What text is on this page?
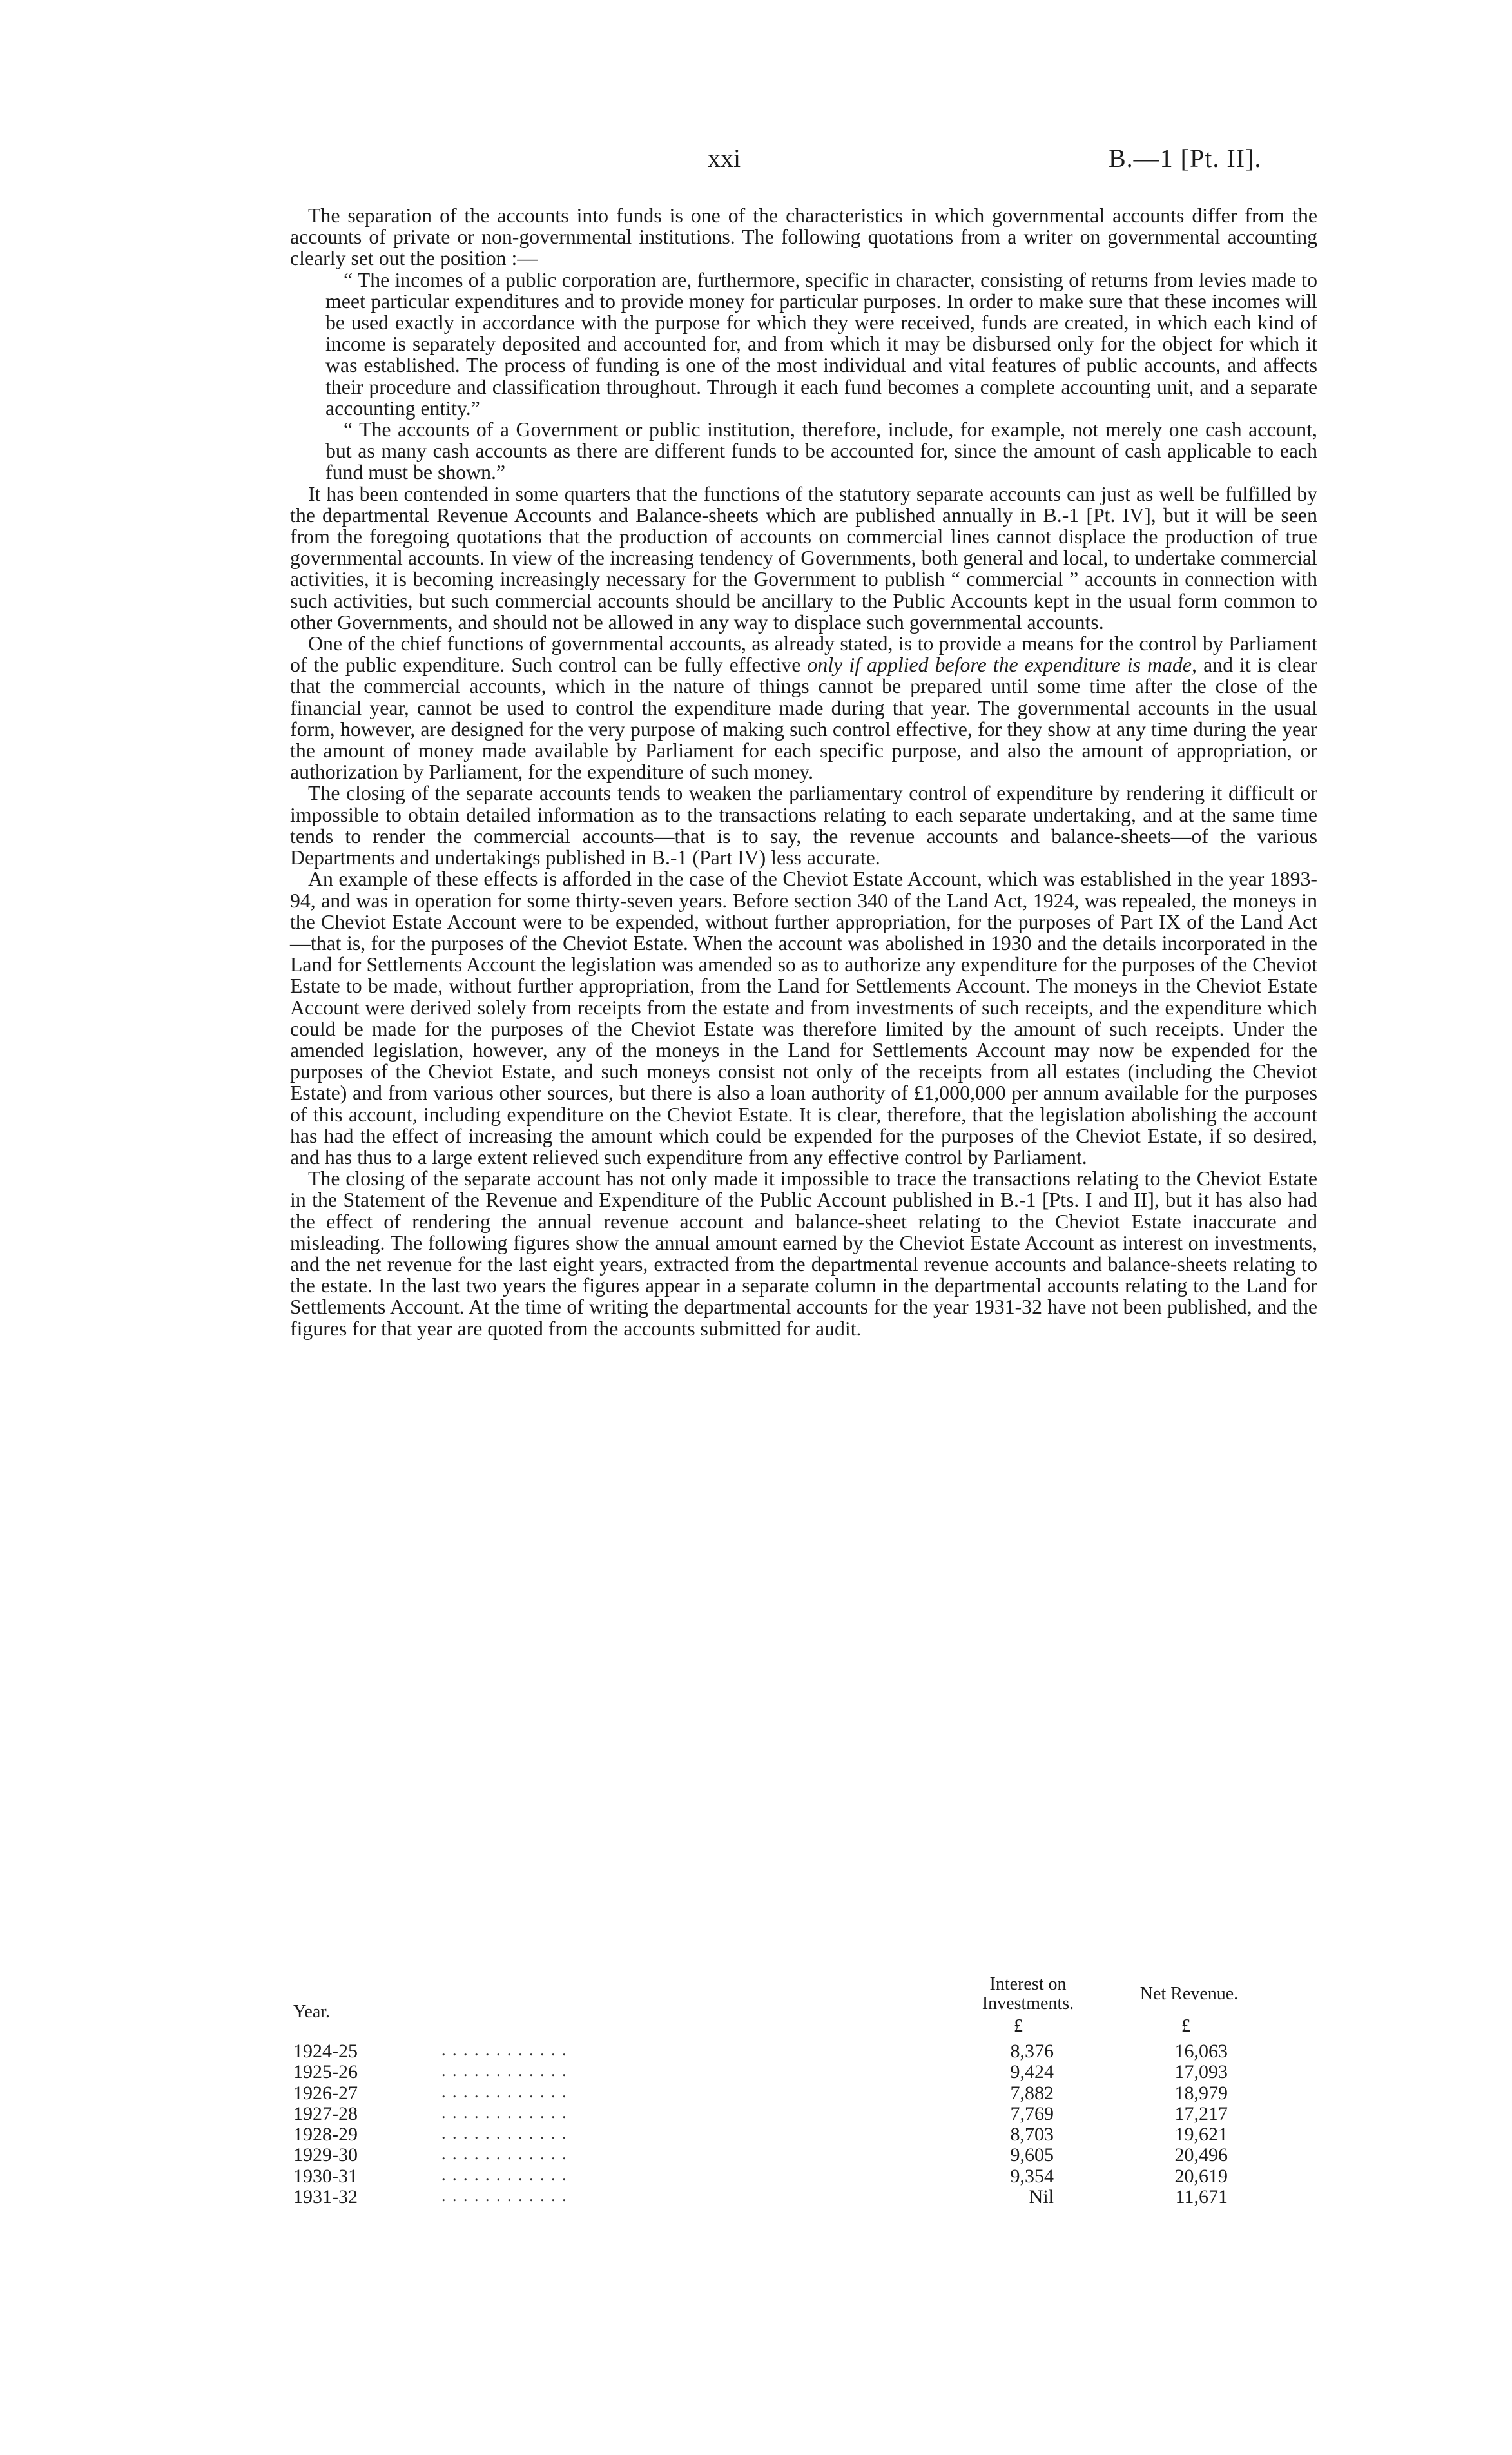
xxi	B.—1 [Pt. II].

The separation of the accounts into funds is one of the characteristics in which governmental accounts differ from the accounts of private or non-governmental institutions. The following quotations from a writer on governmental accounting clearly set out the position :—

“ The incomes of a public corporation are, furthermore, specific in character, consisting of returns from levies made to meet particular expenditures and to provide money for particular purposes. In order to make sure that these incomes will be used exactly in accordance with the purpose for which they were received, funds are created, in which each kind of income is separately deposited and accounted for, and from which it may be disbursed only for the object for which it was established. The process of funding is one of the most individual and vital features of public accounts, and affects their procedure and classification throughout. Through it each fund becomes a complete accounting unit, and a separate accounting entity.”

“ The accounts of a Government or public institution, therefore, include, for example, not merely one cash account, but as many cash accounts as there are different funds to be accounted for, since the amount of cash applicable to each fund must be shown.”

It has been contended in some quarters that the functions of the statutory separate accounts can just as well be fulfilled by the departmental Revenue Accounts and Balance-sheets which are published annually in B.-1 [Pt. IV], but it will be seen from the foregoing quotations that the production of accounts on commercial lines cannot displace the production of true governmental accounts. In view of the increasing tendency of Governments, both general and local, to undertake commercial activities, it is becoming increasingly necessary for the Government to publish “ commercial ” accounts in connection with such activities, but such commercial accounts should be ancillary to the Public Accounts kept in the usual form common to other Governments, and should not be allowed in any way to displace such governmental accounts.

One of the chief functions of governmental accounts, as already stated, is to provide a means for the control by Parliament of the public expenditure. Such control can be fully effective only if applied before the expenditure is made, and it is clear that the commercial accounts, which in the nature of things cannot be prepared until some time after the close of the financial year, cannot be used to control the expenditure made during that year. The governmental accounts in the usual form, however, are designed for the very purpose of making such control effective, for they show at any time during the year the amount of money made available by Parliament for each specific purpose, and also the amount of appropriation, or authorization by Parliament, for the expenditure of such money.

The closing of the separate accounts tends to weaken the parliamentary control of expenditure by rendering it difficult or impossible to obtain detailed information as to the transactions relating to each separate undertaking, and at the same time tends to render the commercial accounts—that is to say, the revenue accounts and balance-sheets—of the various Departments and undertakings published in B.-1 (Part IV) less accurate.

An example of these effects is afforded in the case of the Cheviot Estate Account, which was established in the year 1893-94, and was in operation for some thirty-seven years. Before section 340 of the Land Act, 1924, was repealed, the moneys in the Cheviot Estate Account were to be expended, without further appropriation, for the purposes of Part IX of the Land Act—that is, for the purposes of the Cheviot Estate. When the account was abolished in 1930 and the details incorporated in the Land for Settlements Account the legislation was amended so as to authorize any expenditure for the purposes of the Cheviot Estate to be made, without further appropriation, from the Land for Settlements Account. The moneys in the Cheviot Estate Account were derived solely from receipts from the estate and from investments of such receipts, and the expenditure which could be made for the purposes of the Cheviot Estate was therefore limited by the amount of such receipts. Under the amended legislation, however, any of the moneys in the Land for Settlements Account may now be expended for the purposes of the Cheviot Estate, and such moneys consist not only of the receipts from all estates (including the Cheviot Estate) and from various other sources, but there is also a loan authority of £1,000,000 per annum available for the purposes of this account, including expenditure on the Cheviot Estate. It is clear, therefore, that the legislation abolishing the account has had the effect of increasing the amount which could be expended for the purposes of the Cheviot Estate, if so desired, and has thus to a large extent relieved such expenditure from any effective control by Parliament.

The closing of the separate account has not only made it impossible to trace the transactions relating to the Cheviot Estate in the Statement of the Revenue and Expenditure of the Public Account published in B.-1 [Pts. I and II], but it has also had the effect of rendering the annual revenue account and balance-sheet relating to the Cheviot Estate inaccurate and misleading. The following figures show the annual amount earned by the Cheviot Estate Account as interest on investments, and the net revenue for the last eight years, extracted from the departmental revenue accounts and balance-sheets relating to the estate. In the last two years the figures appear in a separate column in the departmental accounts relating to the Land for Settlements Account. At the time of writing the departmental accounts for the year 1931-32 have not been published, and the figures for that year are quoted from the accounts submitted for audit.

Year.
Interest on Investments.	Net Revenue.
£	£
1924-25	. . . . . . . . . . . .	8,376	16,063
1925-26	. . . . . . . . . . . .	9,424	17,093
1926-27	. . . . . . . . . . . .	7,882	18,979
1927-28	. . . . . . . . . . . .	7,769	17,217
1928-29	. . . . . . . . . . . .	8,703	19,621
1929-30	. . . . . . . . . . . .	9,605	20,496
1930-31	. . . . . . . . . . . .	9,354	20,619
1931-32	. . . . . . . . . . . .	Nil	11,671
